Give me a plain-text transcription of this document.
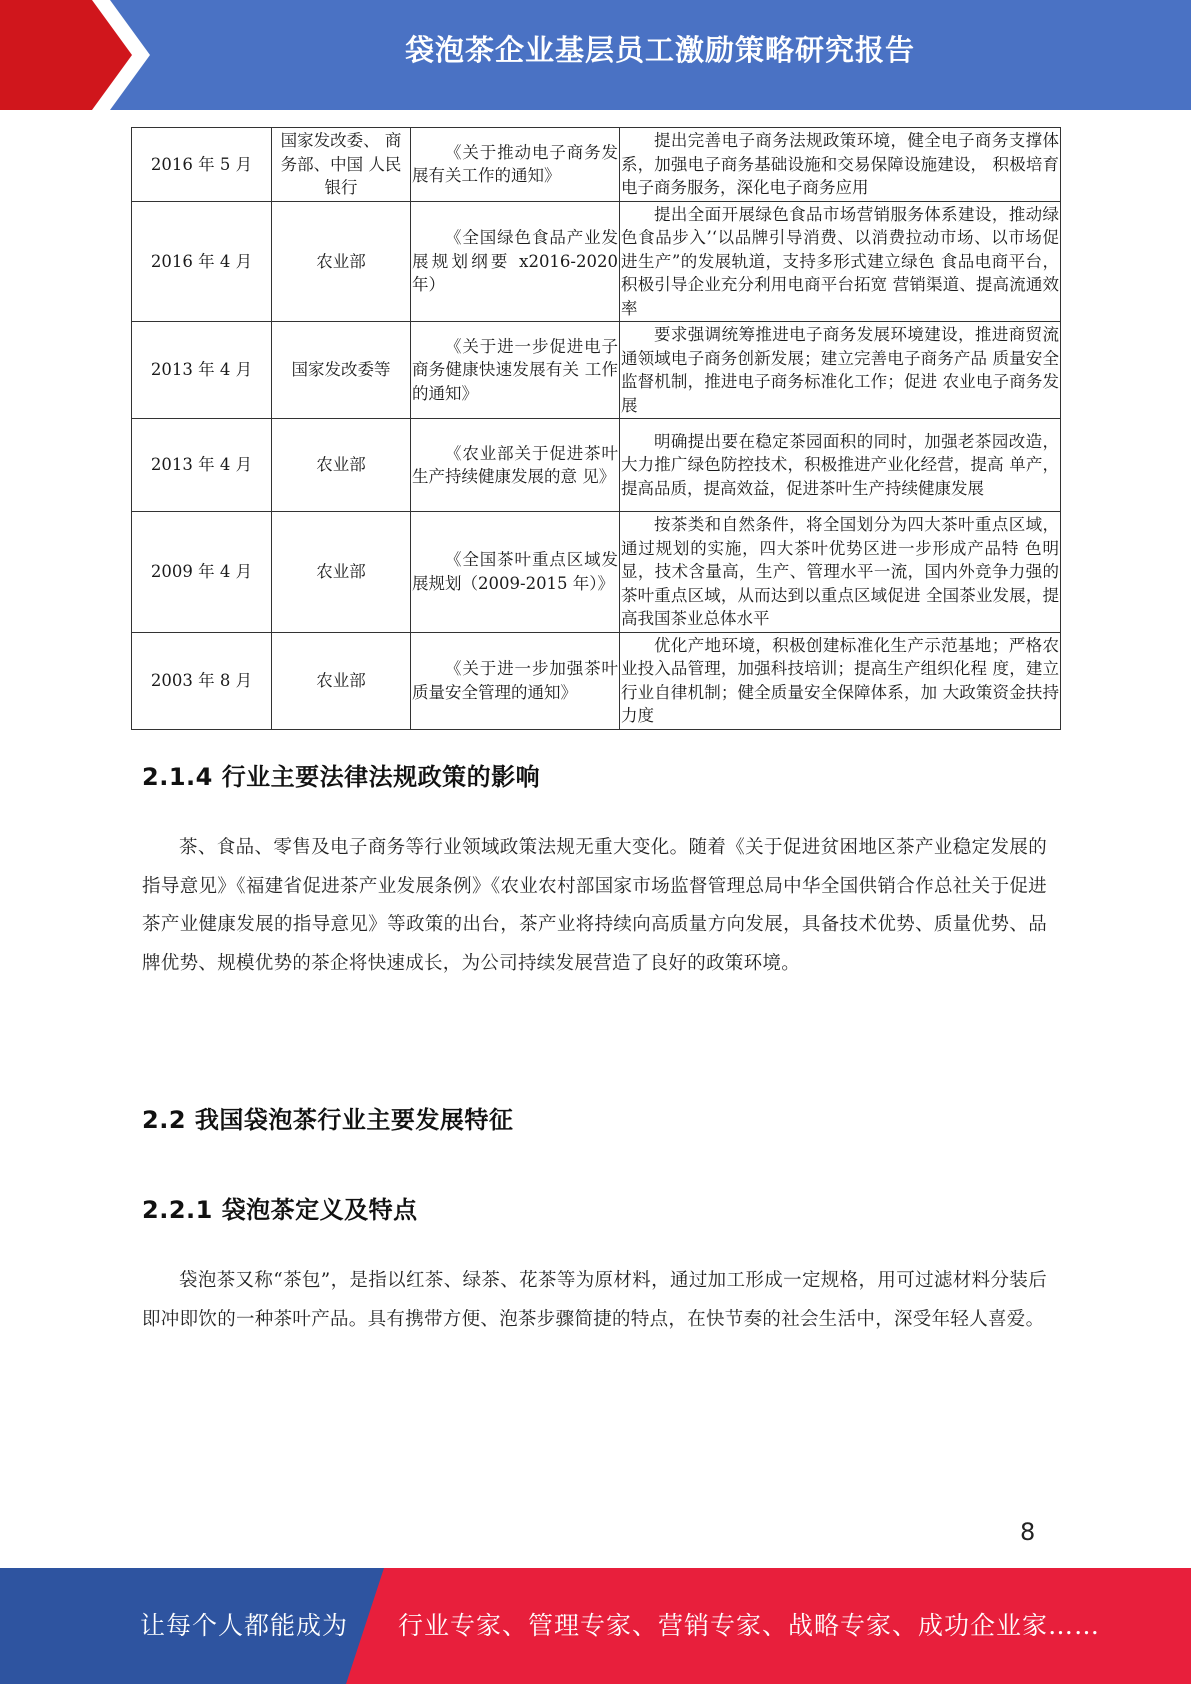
袋泡茶企业基层员工激励策略研究报告
2016 年 5 月	国家发改委、 商务部、中国 人民银行	《关于推动电子商务发 展有关工作的通知》	提出完善电子商务法规政策环境，健全电子商务支撑体系，加强电子商务基础设施和交易保障设施建设， 积极培育电子商务服务，深化电子商务应用
2016 年 4 月	农业部	《全国绿色食品产业发 展规划纲要 x2016-2020 年）	提出全面开展绿色食品市场营销服务体系建设，推动绿色食品步入’‘以品牌引导消费、以消费拉动市场、以市场促进生产”的发展轨道，支持多形式建立绿色 食品电商平台，积极引导企业充分利用电商平台拓宽 营销渠道、提高流通效率
2013 年 4 月	国家发改委等	《关于进一步促进电子 商务健康快速发展有关 工作的通知》	要求强调统筹推进电子商务发展环境建设，推进商贸流通领域电子商务创新发展；建立完善电子商务产品 质量安全监督机制，推进电子商务标准化工作；促进 农业电子商务发展
2013 年 4 月	农业部	《农业部关于促进茶叶 生产持续健康发展的意 见》	明确提出要在稳定茶园面积的同时，加强老茶园改造， 大力推广绿色防控技术，积极推进产业化经营，提高 单产，提高品质，提高效益，促进茶叶生产持续健康发展
2009 年 4 月	农业部	《全国茶叶重点区域发 展规划（2009-2015 年）》	按茶类和自然条件，将全国划分为四大茶叶重点区域， 通过规划的实施，四大茶叶优势区进一步形成产品特 色明显，技术含量高，生产、管理水平一流，国内外竞争力强的茶叶重点区域，从而达到以重点区域促进 全国茶业发展，提高我国茶业总体水平
2003 年 8 月	农业部	《关于进一步加强茶叶 质量安全管理的通知》	优化产地环境，积极创建标准化生产示范基地；严格农业投入品管理，加强科技培训；提高生产组织化程 度，建立行业自律机制；健全质量安全保障体系，加 大政策资金扶持力度
2.1.4 行业主要法律法规政策的影响
茶、食品、零售及电子商务等行业领域政策法规无重大变化。随着《关于促进贫困地区茶产业稳定发展的指导意见》《福建省促进茶产业发展条例》《农业农村部国家市场监督管理总局中华全国供销合作总社关于促进茶产业健康发展的指导意见》等政策的出台，茶产业将持续向高质量方向发展，具备技术优势、质量优势、品牌优势、规模优势的茶企将快速成长，为公司持续发展营造了良好的政策环境。
2.2 我国袋泡茶行业主要发展特征
2.2.1 袋泡茶定义及特点
袋泡茶又称“茶包”，是指以红茶、绿茶、花茶等为原材料，通过加工形成一定规格，用可过滤材料分装后即冲即饮的一种茶叶产品。具有携带方便、泡茶步骤简捷的特点，在快节奏的社会生活中，深受年轻人喜爱。
8
让每个人都能成为 行业专家、管理专家、营销专家、战略专家、成功企业家……
